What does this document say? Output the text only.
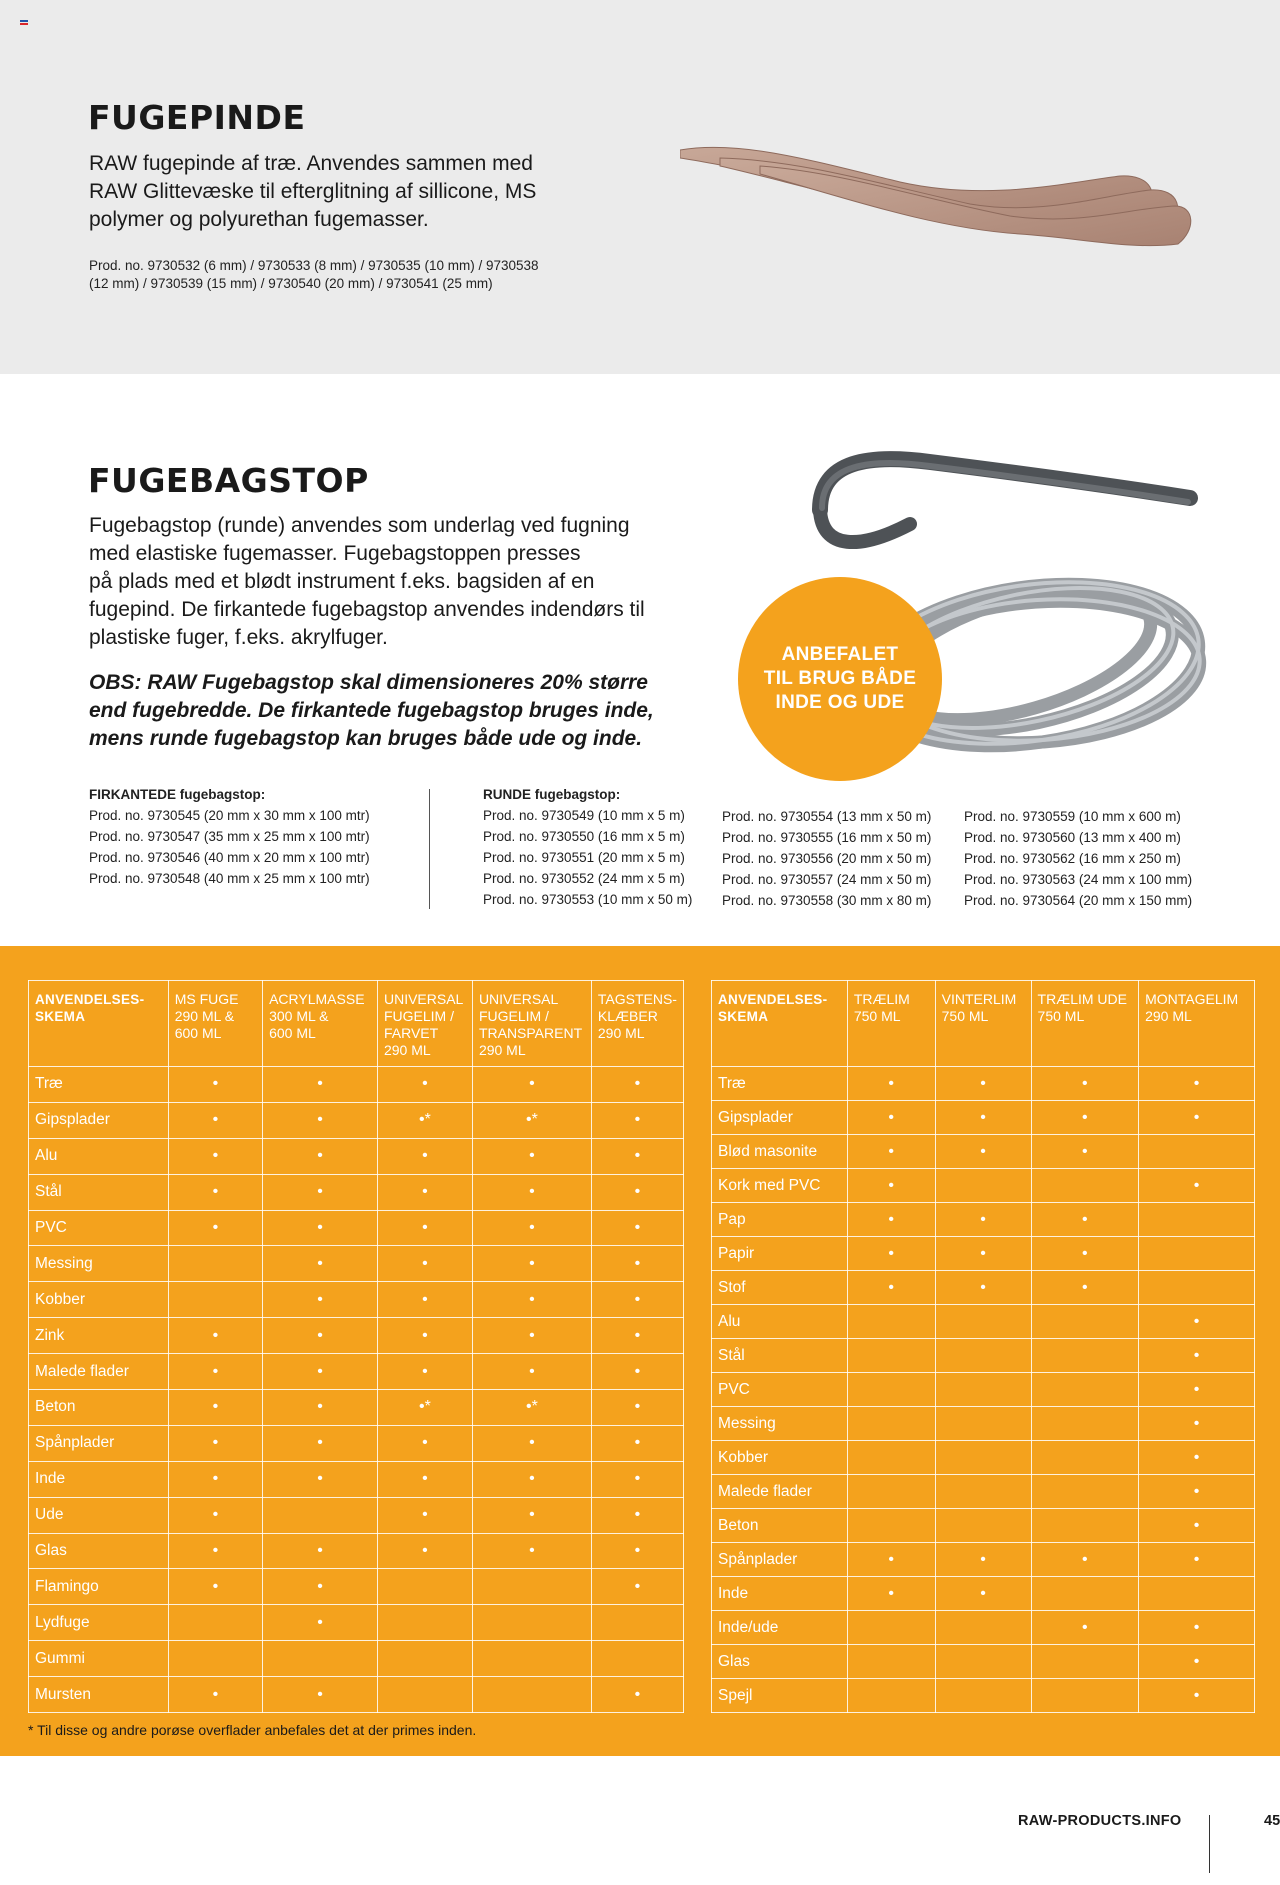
FUGEPINDE
RAW fugepinde af træ. Anvendes sammen med
RAW Glittevæske til efterglitning af sillicone, MS
polymer og polyurethan fugemasser.
Prod. no. 9730532 (6 mm) / 9730533 (8 mm) / 9730535 (10 mm) / 9730538
(12 mm) / 9730539 (15 mm) / 9730540 (20 mm) / 9730541 (25 mm)
FUGEBAGSTOP
Fugebagstop (runde) anvendes som underlag ved fugning
med elastiske fugemasser. Fugebagstoppen presses
på plads med et blødt instrument f.eks. bagsiden af en
fugepind. De firkantede fugebagstop anvendes indendørs til
plastiske fuger, f.eks. akrylfuger.
OBS: RAW Fugebagstop skal dimensioneres 20% større
end fugebredde. De firkantede fugebagstop bruges inde,
mens runde fugebagstop kan bruges både ude og inde.
ANBEFALET
TIL BRUG BÅDE
INDE OG UDE
FIRKANTEDE fugebagstop:
Prod. no. 9730545 (20 mm x 30 mm x 100 mtr)
Prod. no. 9730547 (35 mm x 25 mm x 100 mtr)
Prod. no. 9730546 (40 mm x 20 mm x 100 mtr)
Prod. no. 9730548 (40 mm x 25 mm x 100 mtr)
RUNDE fugebagstop:
Prod. no. 9730549 (10 mm x 5 m)
Prod. no. 9730550 (16 mm x 5 m)
Prod. no. 9730551 (20 mm x 5 m)
Prod. no. 9730552 (24 mm x 5 m)
Prod. no. 9730553 (10 mm x 50 m)
Prod. no. 9730554 (13 mm x 50 m)
Prod. no. 9730555 (16 mm x 50 m)
Prod. no. 9730556 (20 mm x 50 m)
Prod. no. 9730557 (24 mm x 50 m)
Prod. no. 9730558 (30 mm x 80 m)
Prod. no. 9730559 (10 mm x 600 m)
Prod. no. 9730560 (13 mm x 400 m)
Prod. no. 9730562 (16 mm x 250 m)
Prod. no. 9730563 (24 mm x 100 mm)
Prod. no. 9730564 (20 mm x 150 mm)
ANVENDELSES-
SKEMA	MS FUGE
290 ML &
600 ML	ACRYLMASSE
300 ML &
600 ML	UNIVERSAL
FUGELIM /
FARVET
290 ML	UNIVERSAL
FUGELIM /
TRANSPARENT
290 ML	TAGSTENS-
KLÆBER
290 ML

Træ	•	•	•	•	•
Gipsplader	•	•	•*	•*	•
Alu	•	•	•	•	•
Stål	•	•	•	•	•
PVC	•	•	•	•	•
Messing		•	•	•	•
Kobber		•	•	•	•
Zink	•	•	•	•	•
Malede flader	•	•	•	•	•
Beton	•	•	•*	•*	•
Spånplader	•	•	•	•	•
Inde	•	•	•	•	•
Ude	•		•	•	•
Glas	•	•	•	•	•
Flamingo	•	•			•
Lydfuge		•			
Gummi					
Mursten	•	•			•
ANVENDELSES-
SKEMA	TRÆLIM
750 ML	VINTERLIM
750 ML	TRÆLIM UDE
750 ML	MONTAGELIM
290 ML

Træ	•	•	•	•
Gipsplader	•	•	•	•
Blød masonite	•	•	•	
Kork med PVC	•			•
Pap	•	•	•	
Papir	•	•	•	
Stof	•	•	•	
Alu				•
Stål				•
PVC				•
Messing				•
Kobber				•
Malede flader				•
Beton				•
Spånplader	•	•	•	•
Inde	•	•		
Inde/ude			•	•
Glas				•
Spejl				•
* Til disse og andre porøse overflader anbefales det at der primes inden.
RAW-PRODUCTS.INFO	45
